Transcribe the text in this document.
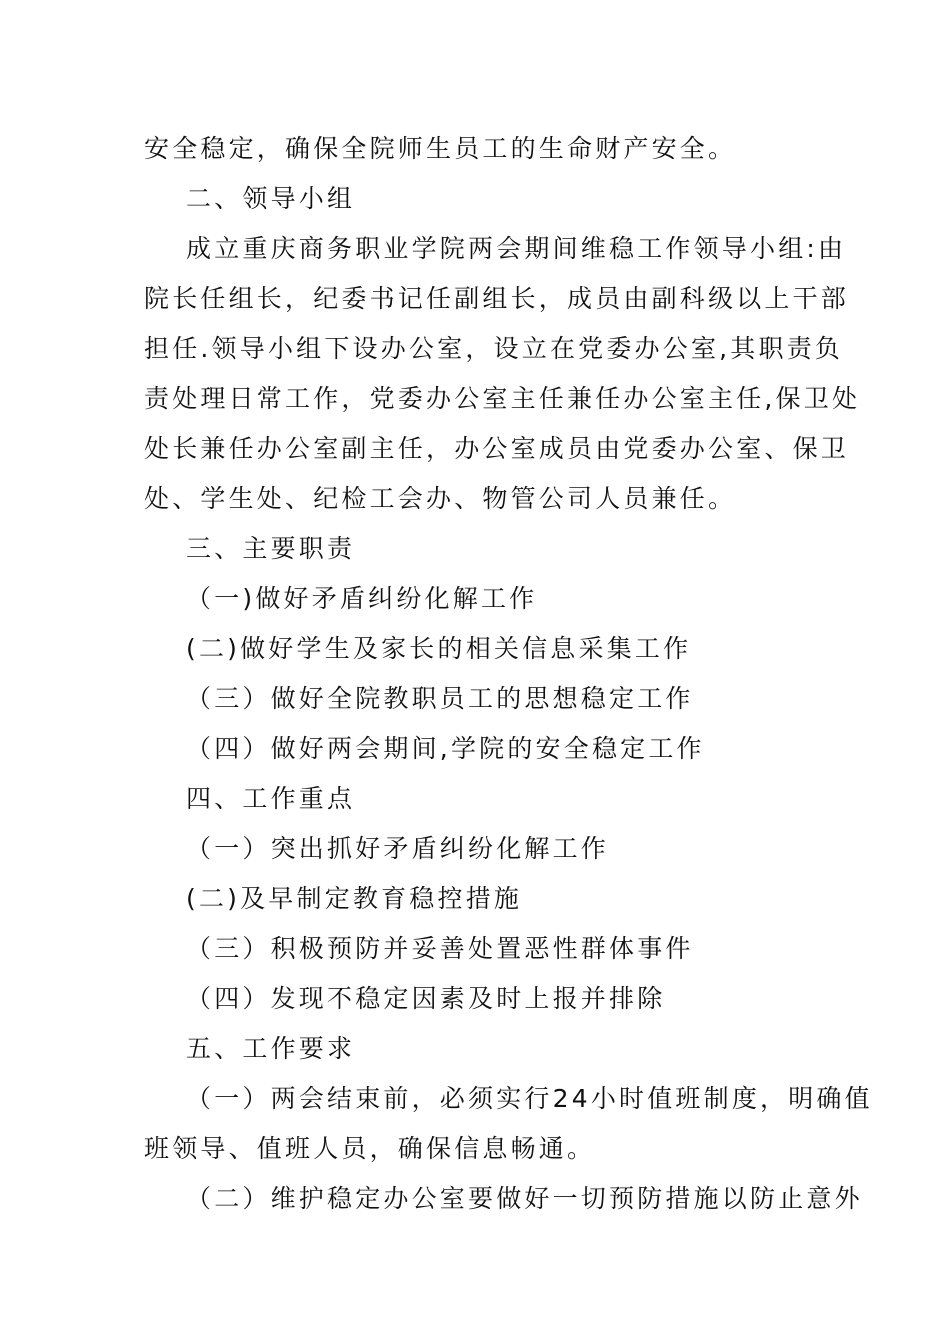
安全稳定，确保全院师生员工的生命财产安全。
二、领导小组
成立重庆商务职业学院两会期间维稳工作领导小组:由
院长任组长，纪委书记任副组长，成员由副科级以上干部
担任.领导小组下设办公室，设立在党委办公室,其职责负
责处理日常工作，党委办公室主任兼任办公室主任,保卫处
处长兼任办公室副主任，办公室成员由党委办公室、保卫
处、学生处、纪检工会办、物管公司人员兼任。
三、主要职责
（一)做好矛盾纠纷化解工作
(二)做好学生及家长的相关信息采集工作
（三）做好全院教职员工的思想稳定工作
（四）做好两会期间,学院的安全稳定工作
四、工作重点
（一）突出抓好矛盾纠纷化解工作
(二)及早制定教育稳控措施
（三）积极预防并妥善处置恶性群体事件
（四）发现不稳定因素及时上报并排除
五、工作要求
（一）两会结束前，必须实行24小时值班制度，明确值
班领导、值班人员，确保信息畅通。
（二）维护稳定办公室要做好一切预防措施以防止意外
